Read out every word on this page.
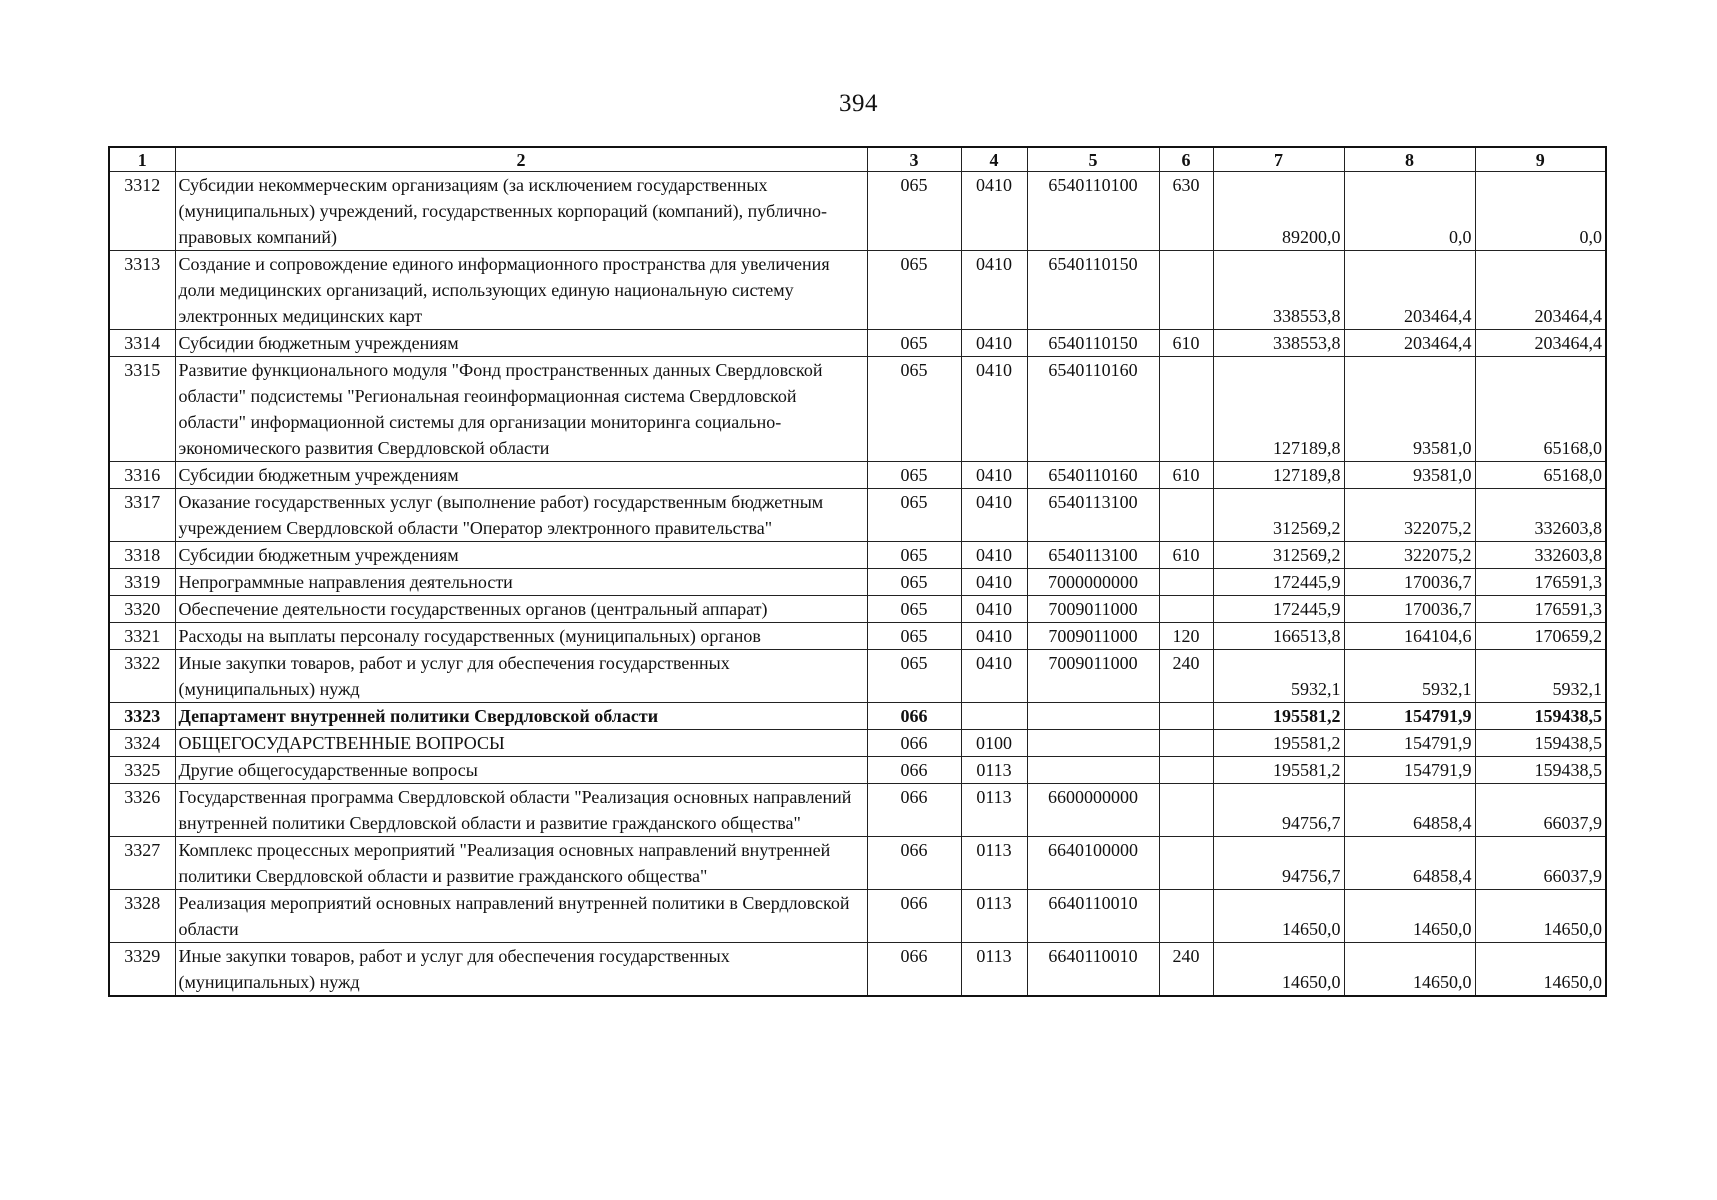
394
1	2	3	4	5	6	7	8	9
3312	Субсидии некоммерческим организациям (за исключением государственных (муниципальных) учреждений, государственных корпораций (компаний), публично-правовых компаний)	065	0410	6540110100	630	89200,0	0,0	0,0
3313	Создание и сопровождение единого информационного пространства для увеличения доли медицинских организаций, использующих единую национальную систему электронных медицинских карт	065	0410	6540110150		338553,8	203464,4	203464,4
3314	Субсидии бюджетным учреждениям	065	0410	6540110150	610	338553,8	203464,4	203464,4
3315	Развитие функционального модуля "Фонд пространственных данных Свердловской области" подсистемы "Региональная геоинформационная система Свердловской области" информационной системы для организации мониторинга социально-экономического развития Свердловской области	065	0410	6540110160		127189,8	93581,0	65168,0
3316	Субсидии бюджетным учреждениям	065	0410	6540110160	610	127189,8	93581,0	65168,0
3317	Оказание государственных услуг (выполнение работ) государственным бюджетным учреждением Свердловской области "Оператор электронного правительства"	065	0410	6540113100		312569,2	322075,2	332603,8
3318	Субсидии бюджетным учреждениям	065	0410	6540113100	610	312569,2	322075,2	332603,8
3319	Непрограммные направления деятельности	065	0410	7000000000		172445,9	170036,7	176591,3
3320	Обеспечение деятельности государственных органов (центральный аппарат)	065	0410	7009011000		172445,9	170036,7	176591,3
3321	Расходы на выплаты персоналу государственных (муниципальных) органов	065	0410	7009011000	120	166513,8	164104,6	170659,2
3322	Иные закупки товаров, работ и услуг для обеспечения государственных (муниципальных) нужд	065	0410	7009011000	240	5932,1	5932,1	5932,1
3323	Департамент внутренней политики Свердловской области	066				195581,2	154791,9	159438,5
3324	ОБЩЕГОСУДАРСТВЕННЫЕ ВОПРОСЫ	066	0100			195581,2	154791,9	159438,5
3325	Другие общегосударственные вопросы	066	0113			195581,2	154791,9	159438,5
3326	Государственная программа Свердловской области "Реализация основных направлений внутренней политики Свердловской области и развитие гражданского общества"	066	0113	6600000000		94756,7	64858,4	66037,9
3327	Комплекс процессных мероприятий "Реализация основных направлений внутренней политики Свердловской области и развитие гражданского общества"	066	0113	6640100000		94756,7	64858,4	66037,9
3328	Реализация мероприятий основных направлений внутренней политики в Свердловской области	066	0113	6640110010		14650,0	14650,0	14650,0
3329	Иные закупки товаров, работ и услуг для обеспечения государственных (муниципальных) нужд	066	0113	6640110010	240	14650,0	14650,0	14650,0
